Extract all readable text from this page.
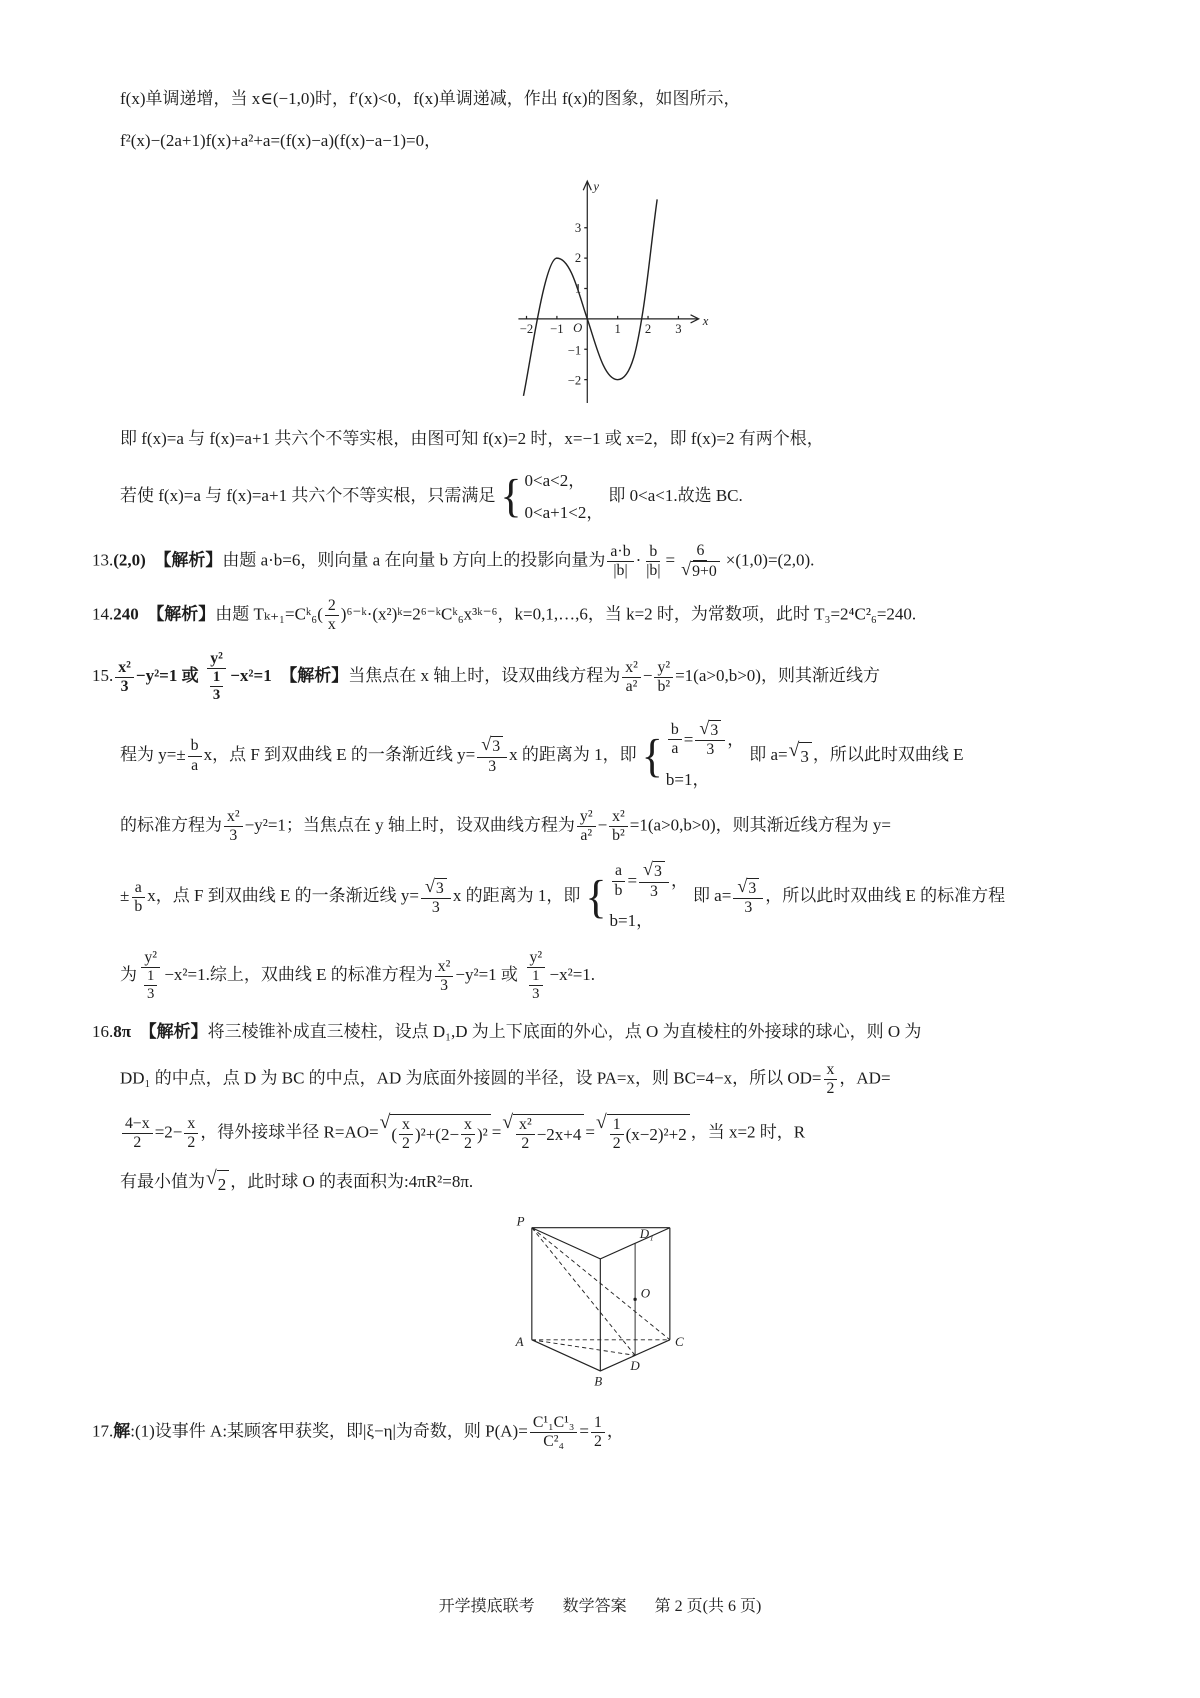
f(x)单调递增，当 x∈(−1,0)时，f′(x)<0，f(x)单调递减，作出 f(x)的图象，如图所示，

f²(x)−(2a+1)f(x)+a²+a=(f(x)−a)(f(x)−a−1)=0，

3
2
1
−1
−2
−2 −1	1 2 3
O
x
y

即 f(x)=a 与 f(x)=a+1 共六个不等实根，由图可知 f(x)=2 时，x=−1 或 x=2，即 f(x)=2 有两个根，

若使 f(x)=a 与 f(x)=a+1 共六个不等实根，只需满足 { 0<a<2，
0<a+1<2，
即 0<a<1.故选 BC.

13.(2,0)　 【解析】由题 a·b=6，则向量 a 在向量 b 方向上的投影向量为 $\frac{a\cdot b}{|b|} \cdot \frac{b}{|b|} = \frac{6}{√ 9+0} \times(1,0)=(2,0)$.

14.240　 【解析】由题 Tₖ₊₁=Cᵏ₆( $\frac{2}{x}$ )⁶⁻ᵏ·(x²)ᵏ=2⁶⁻ᵏCᵏ₆x³ᵏ⁻⁶，k=0,1,…,6，当 k=2 时，为常数项，此时 T₃=2⁴C²₆=240.

15. $\frac{\text{x²}}{3} -y^2=1$ 或 $\frac{\text{y²}}{\frac{1}{3}} -x^2=1$　 【解析】当焦点在 x 轴上时，设双曲线方程为 $\frac{\text{x²}}{\text{a²}} - \frac{\text{y²}}{\text{b²}} =1(a>0,b>0)$，则其渐近线方

程为 $y=\pm \frac{b}{a}$ x，点 F 到双曲线 E 的一条渐近线 $y= \frac{√ 3}{3}$ x 的距离为 1，即 { $\frac{b}{a} = \frac{√ 3}{3}$ ，
b=1，
即 a= √ 3 ，所以此时双曲线 E

的标准方程为 $\frac{\text{x²}}{3} -y^2=1$；当焦点在 y 轴上时，设双曲线方程为 $\frac{\text{y²}}{\text{a²}} - \frac{\text{x²}}{\text{b²}} =1(a>0,b>0)$，则其渐近线方程为 y=

± $\frac{a}{b}$ x，点 F 到双曲线 E 的一条渐近线 $y= \frac{√ 3}{3}$ x 的距离为 1，即 { $\frac{a}{b} = \frac{√ 3}{3}$ ，
b=1，
即 $a= \frac{√ 3}{3}$ ，所以此时双曲线 E 的标准方程

为 $\frac{\text{y²}}{\frac{1}{3}} -x^2=1$.综上，双曲线 E 的标准方程为 $\frac{\text{x²}}{3} -y^2=1$ 或 $\frac{\text{y²}}{\frac{1}{3}} -x^2=1$.

16.8π　 【解析】将三棱锥补成直三棱柱，设点 D₁,D 为上下底面的外心，点 O 为直棱柱的外接球的球心，则 O 为

DD₁ 的中点，点 D 为 BC 的中点，AD 为底面外接圆的半径，设 PA=x，则 BC=4−x，所以 $OD= \frac{x}{2}$ ，AD=

$\frac{4-x}{2} =2- \frac{x}{2}$ ，得外接球半径 R=AO= √
( $\frac{x}{2} )^2+(2- \frac{x}{2} )^2$ = √ $\frac{\text{x²}}{2} -2x+4$ = √ $\frac{1}{2} (x-2)^2+2$ ，当 x=2 时，R

有最小值为 √ 2 ，此时球 O 的表面积为:4πR²=8π.

P
D₁
O
A
B
C
D

17.解:(1)设事件 A:某顾客甲获奖，即|ξ−η|为奇数，则 $P(A)= \frac{\text{C¹₁C¹₃}}{\text{C²₄}} = \frac{1}{2}$ ，

开学摸底联考 数学答案 第 2 页(共 6 页)
